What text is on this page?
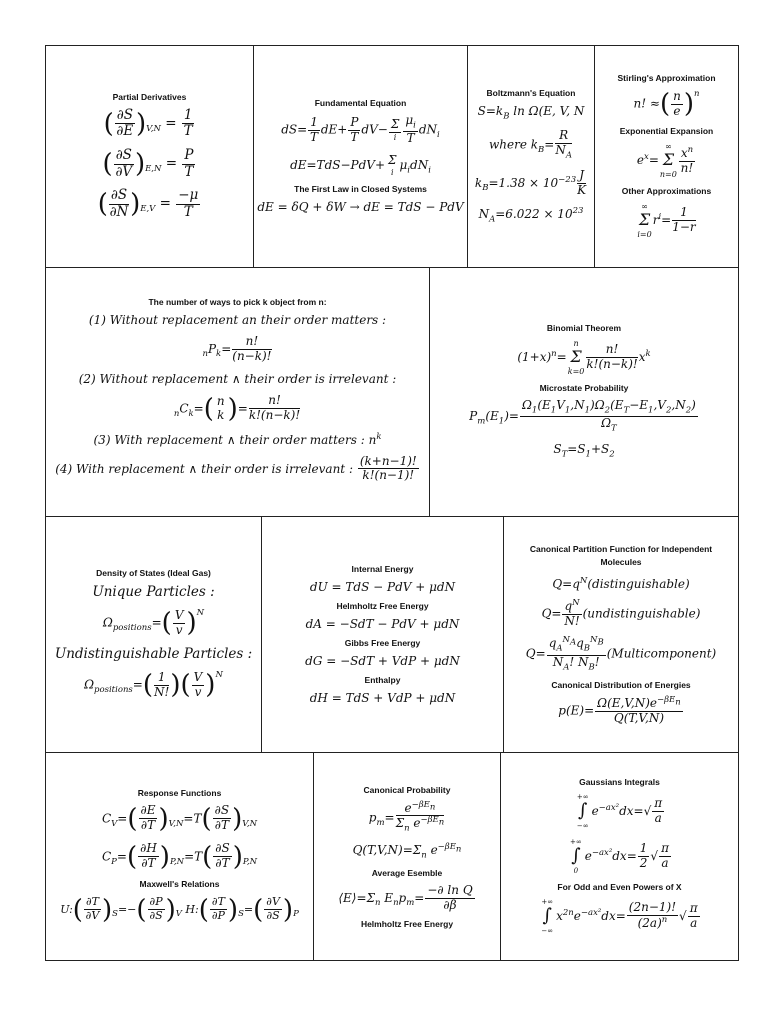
Partial Derivatives
( $\frac{\partial S}{\partial E} )_{V,N} = \frac{1}{T}$
( $\frac{\partial S}{\partial V} )_{E,N} = \frac{P}{T}$
( $\frac{\partial S}{\partial N} )_{E,V} = \frac{-\mu}{T}$
Fundamental Equation
$dS= \frac{1}{T} dE+ \frac{P}{T} dV- \frac{\Sigma}{i} \frac{\mu_i}{T} dN_i$
dE=TdS−PdV+ Σ
i
$\mu_idN_i$
The First Law in Closed Systems
dE = δQ + δW → dE = TdS − PdV
Boltzmann's Equation
$S=k_B$ ln Ω(E, V, N
where $k_B= \frac{R}{N_A}$
$k_B=1.38 \times 10^{-23} \frac{J}{K}$
$N_A=6.022 \times 10^{23}$
Stirling's Approximation
n! ≈( $\frac{n}{e} )^n$
Exponential Expansion
$e^x=$
∞
Σ
$n=0 \frac{x^n}{n!}$
Other Approximations
∞
Σ
i=0
$r^i= \frac{1}{1-r}$
The number of ways to pick k object from n:
(1) Without replacement an their order matters :
$_nP_k= \frac{n!}{(n-k)!}$
(2) Without replacement ∧ their order is irrelevant :
$_nC_k=$( n
k )= $\frac{n!}{k!(n-k)!}$
(3) With replacement ∧ their order matters : $n^k$
(4) With replacement ∧ their order is irrelevant : $\frac{(k+n-1)!}{k!(n-1)!}$
Binomial Theorem
$(1+x)^n=$
n
Σ
$k=0 \frac{n!}{k!(n-k)!} x^k$
Microstate Probability
$P_m(E_1)= \frac{\Omega_1(E_1V_1,N_1)\Omega_2(E_T-E_1,V_2,N_2)}{\Omega_T}$
$S_T=S_1+S_2$
Density of States (Ideal Gas)
Unique Particles :
$\Omega_{positions}=( \frac{V}{v} )^N$
Undistinguishable Particles :
$\Omega_{positions}=( \frac{1}{N!}$ )( $\frac{V}{v} )^N$
Internal Energy
dU = TdS − PdV + μdN
Helmholtz Free Energy
dA = −SdT − PdV + μdN
Gibbs Free Energy
dG = −SdT + VdP + μdN
Enthalpy
dH = TdS + VdP + μdN
Canonical Partition Function for Independent Molecules
$Q=q^N(distinguishable)$
$Q= \frac{q^N}{N!}$ (undistinguishable)
$Q= \frac{q_A^{N_A}q_B^{N_B}}{N_A! N_B!}$ (Multicomponent)
Canonical Distribution of Energies
$p(E)= \frac{\Omega(E,V,N)e^{-\beta E_n}}{Q(T,V,N)}$
Response Functions
$C_V=( \frac{\partial E}{\partial T} )_{V,N}=T( \frac{\partial S}{\partial T} )_{V,N}$
$C_P=( \frac{\partial H}{\partial T} )_{P,N}=T( \frac{\partial S}{\partial T} )_{P,N}$
Maxwell's Relations
U:( $\frac{\partial T}{\partial V} )_S=-( \frac{\partial P}{\partial S} )_V$ H:( $\frac{\partial T}{\partial P} )_S=( \frac{\partial V}{\partial S} )_P$
Canonical Probability
$p_m= \frac{e^{-\beta E_n}}{\Sigma_n e^{-\beta E_n}}$
$Q(T,V,N)=\Sigma_n$ $e^{-\beta E_n}$
Average Esemble
$⟨E⟩=\Sigma_n$ $E_np_m= \frac{\text{−∂ ln Q}}{\partial\beta}$
Helmholtz Free Energy
Gaussians Integrals
+∞
∫
−∞
$e^{-ax^2}dx=√ \frac{\pi}{a}$
+∞
∫
0
$e^{-ax^2}dx= \frac{1}{2}$ √ $\frac{\pi}{a}$
For Odd and Even Powers of X
+∞
∫
−∞
$x^{2n}e^{-ax^2}dx= \frac{(2n-1)!}{(2a)^n}$ √ $\frac{\pi}{a}$
